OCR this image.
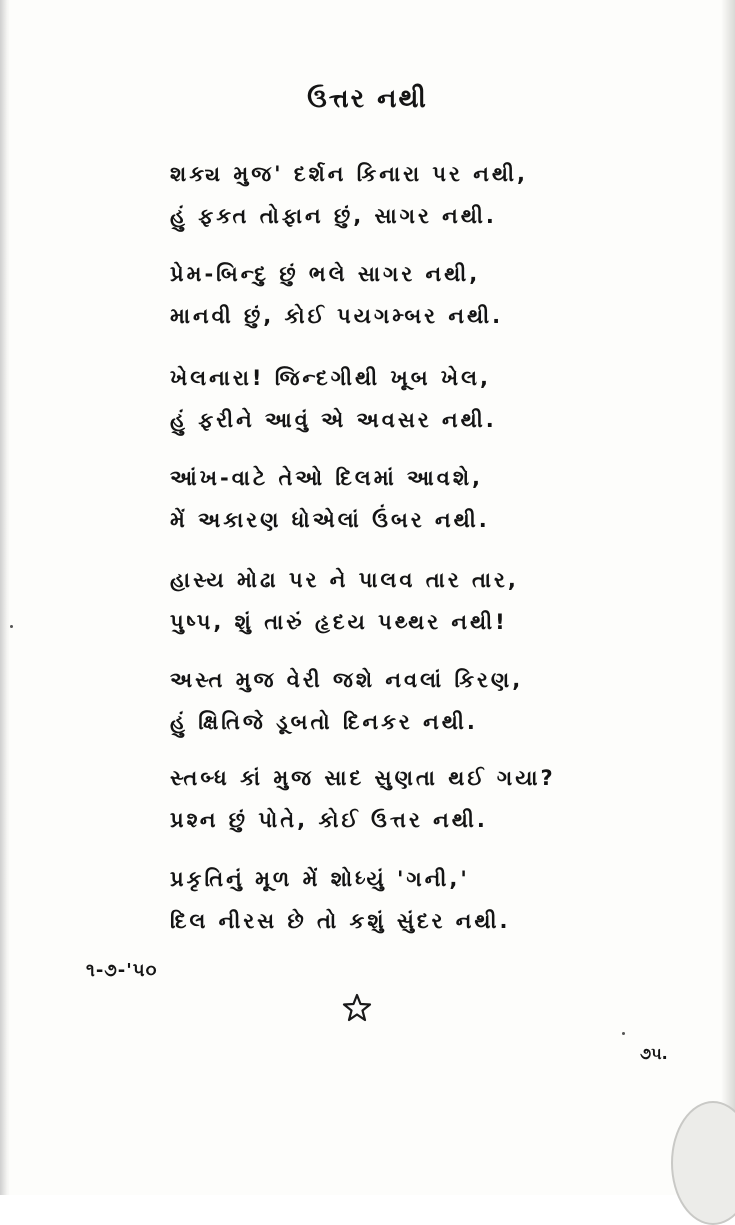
ઉત્તર નથી
શક્ય મુજ' દર્શન કિનારા પર નથી,
હું ફક્ત તોફાન છું, સાગર નથી.
પ્રેમ-બિન્દુ છું ભલે સાગર નથી,
માનવી છું, કોઈ પયગમ્બર નથી.
ખેલનારા! જિન્દગીથી ખૂબ ખેલ,
હું ફરીને આવું એ અવસર નથી.
આંખ-વાટે તેઓ દિલમાં આવશે,
મેં અકારણ ધોએલાં ઉંબર નથી.
હાસ્ય મોઢા પર ને પાલવ તાર તાર,
પુષ્પ, શું તારું હૃદય પથ્થર નથી!
અસ્ત મુજ વેરી જશે નવલાં કિરણ,
હું ક્ષિતિજે ડૂબતો દિનકર નથી.
સ્તબ્ધ કાં મુજ સાદ સુણતા થઈ ગયા?
પ્રશ્ન છું પોતે, કોઈ ઉત્તર નથી.
પ્રકૃતિનું મૂળ મેં શોધ્યું 'ગની,'
દિલ નીરસ છે તો કશું સુંદર નથી.
૧-૭-'૫૦
૭૫.
